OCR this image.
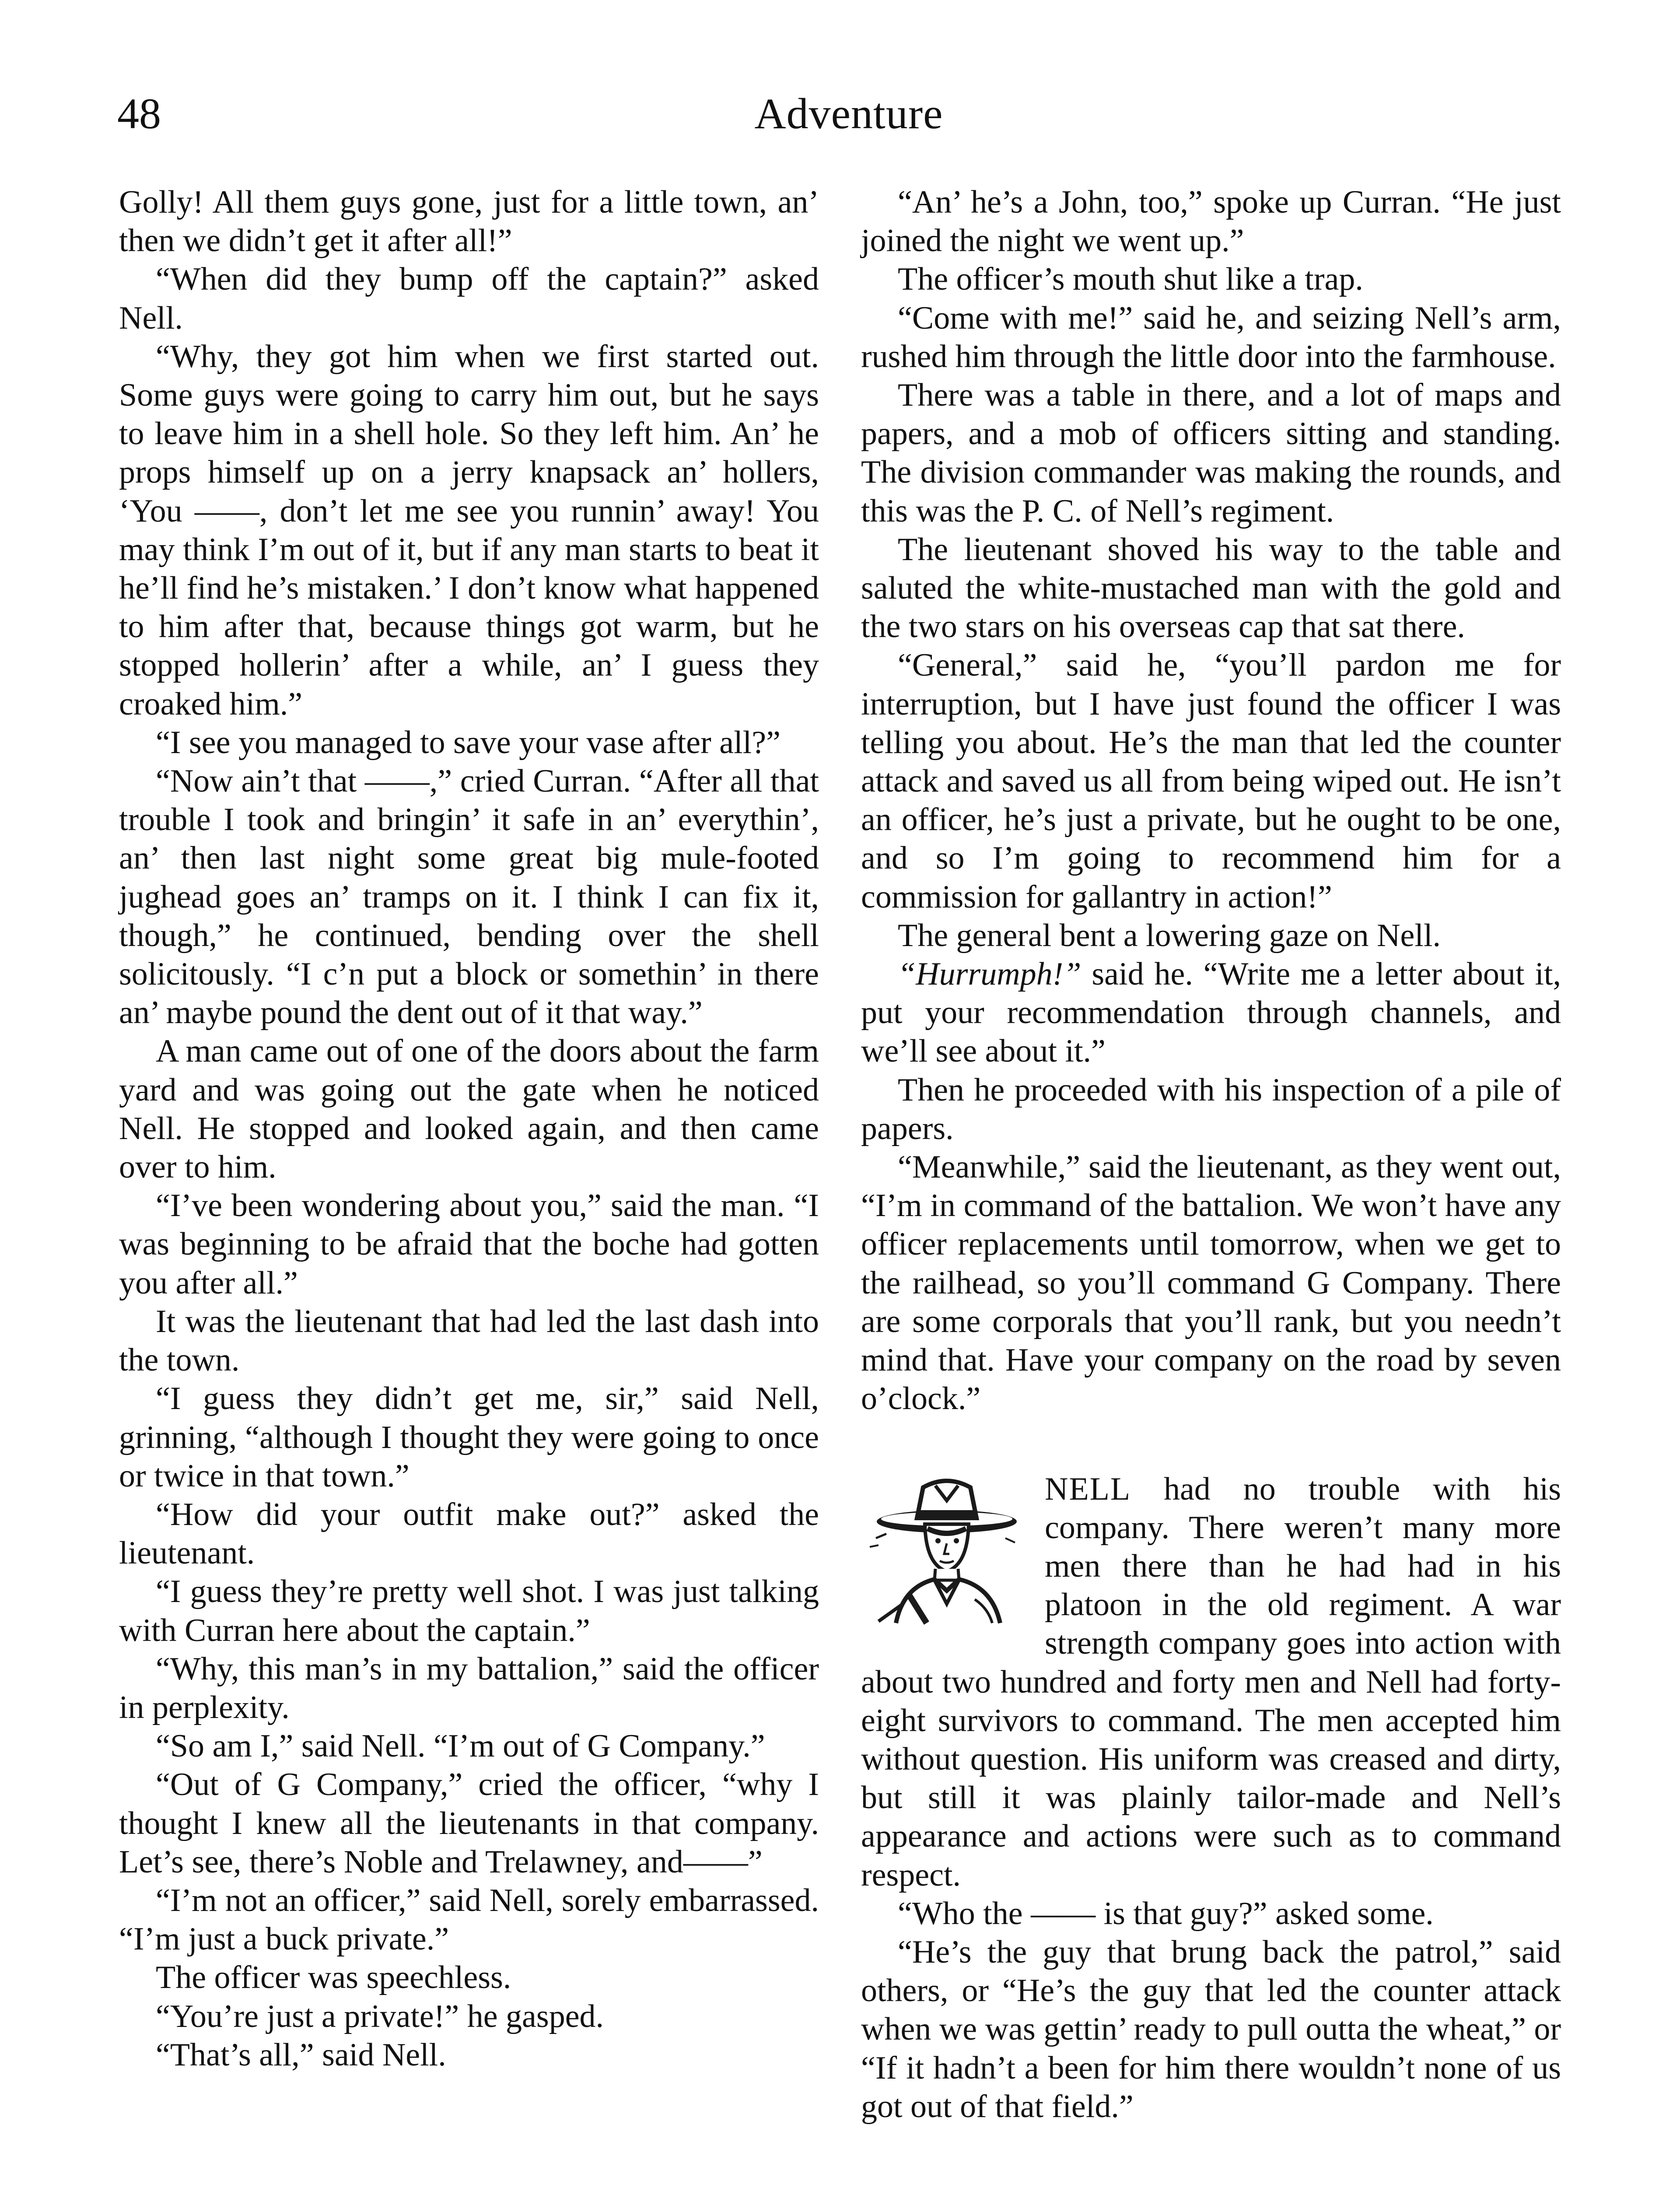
48	Adventure

Golly! All them guys gone, just for a little town, an’ then we didn’t get it after all!”

“When did they bump off the captain?” asked Nell.

“Why, they got him when we first started out. Some guys were going to carry him out, but he says to leave him in a shell hole. So they left him. An’ he props himself up on a jerry knapsack an’ hollers, ‘You ——, don’t let me see you runnin’ away! You may think I’m out of it, but if any man starts to beat it he’ll find he’s mistaken.’ I don’t know what happened to him after that, because things got warm, but he stopped hollerin’ after a while, an’ I guess they croaked him.”

“I see you managed to save your vase after all?”

“Now ain’t that ——,” cried Curran. “After all that trouble I took and bringin’ it safe in an’ everythin’, an’ then last night some great big mule-footed jughead goes an’ tramps on it. I think I can fix it, though,” he continued, bending over the shell solicitously. “I c’n put a block or somethin’ in there an’ maybe pound the dent out of it that way.”

A man came out of one of the doors about the farm yard and was going out the gate when he noticed Nell. He stopped and looked again, and then came over to him.

“I’ve been wondering about you,” said the man. “I was beginning to be afraid that the boche had gotten you after all.”

It was the lieutenant that had led the last dash into the town.

“I guess they didn’t get me, sir,” said Nell, grinning, “although I thought they were going to once or twice in that town.”

“How did your outfit make out?” asked the lieutenant.

“I guess they’re pretty well shot. I was just talking with Curran here about the captain.”

“Why, this man’s in my battalion,” said the officer in perplexity.

“So am I,” said Nell. “I’m out of G Company.”

“Out of G Company,” cried the officer, “why I thought I knew all the lieutenants in that company. Let’s see, there’s Noble and Trelawney, and——”

“I’m not an officer,” said Nell, sorely embarrassed. “I’m just a buck private.”

The officer was speechless.

“You’re just a private!” he gasped.

“That’s all,” said Nell.

“An’ he’s a John, too,” spoke up Curran. “He just joined the night we went up.”

The officer’s mouth shut like a trap.

“Come with me!” said he, and seizing Nell’s arm, rushed him through the little door into the farmhouse.

There was a table in there, and a lot of maps and papers, and a mob of officers sitting and standing. The division commander was making the rounds, and this was the P. C. of Nell’s regiment.

The lieutenant shoved his way to the table and saluted the white-mustached man with the gold and the two stars on his overseas cap that sat there.

“General,” said he, “you’ll pardon me for interruption, but I have just found the officer I was telling you about. He’s the man that led the counter attack and saved us all from being wiped out. He isn’t an officer, he’s just a private, but he ought to be one, and so I’m going to recommend him for a commission for gallantry in action!”

The general bent a lowering gaze on Nell.

“Hurrumph!” said he. “Write me a letter about it, put your recommendation through channels, and we’ll see about it.”

Then he proceeded with his inspection of a pile of papers.

“Meanwhile,” said the lieutenant, as they went out, “I’m in command of the battalion. We won’t have any officer replacements until tomorrow, when we get to the railhead, so you’ll command G Company. There are some corporals that you’ll rank, but you needn’t mind that. Have your company on the road by seven o’clock.”

NELL had no trouble with his company. There weren’t many more men there than he had had in his platoon in the old regiment. A war strength company goes into action with about two hundred and forty men and Nell had forty-eight survivors to command. The men accepted him without question. His uniform was creased and dirty, but still it was plainly tailor-made and Nell’s appearance and actions were such as to command respect.

“Who the —— is that guy?” asked some.

“He’s the guy that brung back the patrol,” said others, or “He’s the guy that led the counter attack when we was gettin’ ready to pull outta the wheat,” or “If it hadn’t a been for him there wouldn’t none of us got out of that field.”
